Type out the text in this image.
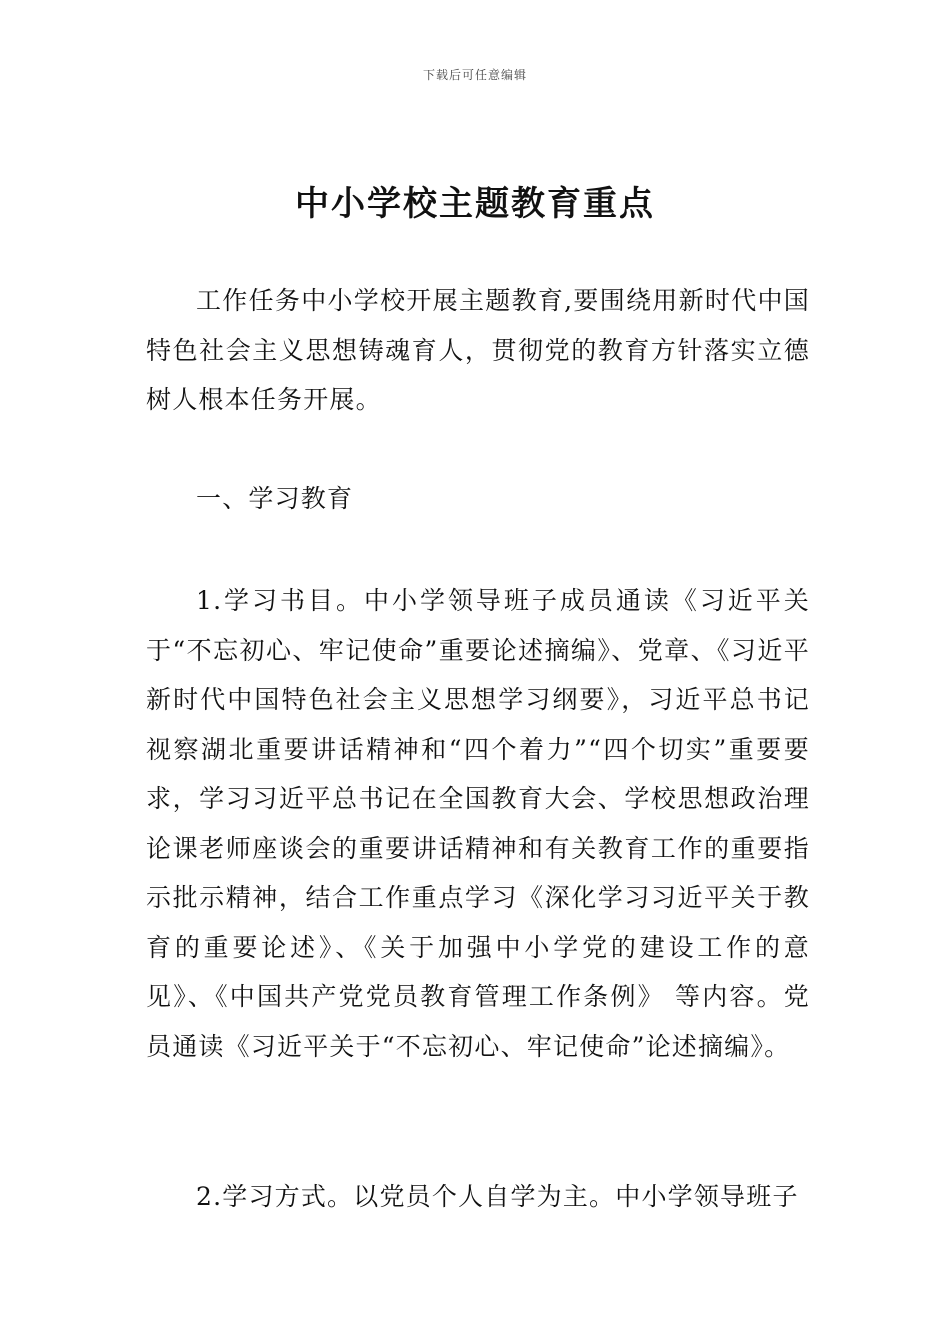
下载后可任意编辑
中小学校主题教育重点

工作任务中小学校开展主题教育,要围绕用新时代中国特色社会主义思想铸魂育人，贯彻党的教育方针落实立德树人根本任务开展。

一、学习教育

1.学习书目。中小学领导班子成员通读《习近平关于“不忘初心、牢记使命”重要论述摘编》、党章、《习近平新时代中国特色社会主义思想学习纲要》，习近平总书记视察湖北重要讲话精神和“四个着力”“四个切实”重要要求，学习习近平总书记在全国教育大会、学校思想政治理论课老师座谈会的重要讲话精神和有关教育工作的重要指示批示精神，结合工作重点学习《深化学习习近平关于教育的重要论述》、《关于加强中小学党的建设工作的意见》、《中国共产党党员教育管理工作条例》 等内容。党员通读《习近平关于“不忘初心、牢记使命”论述摘编》。

2.学习方式。以党员个人自学为主。中小学领导班子
